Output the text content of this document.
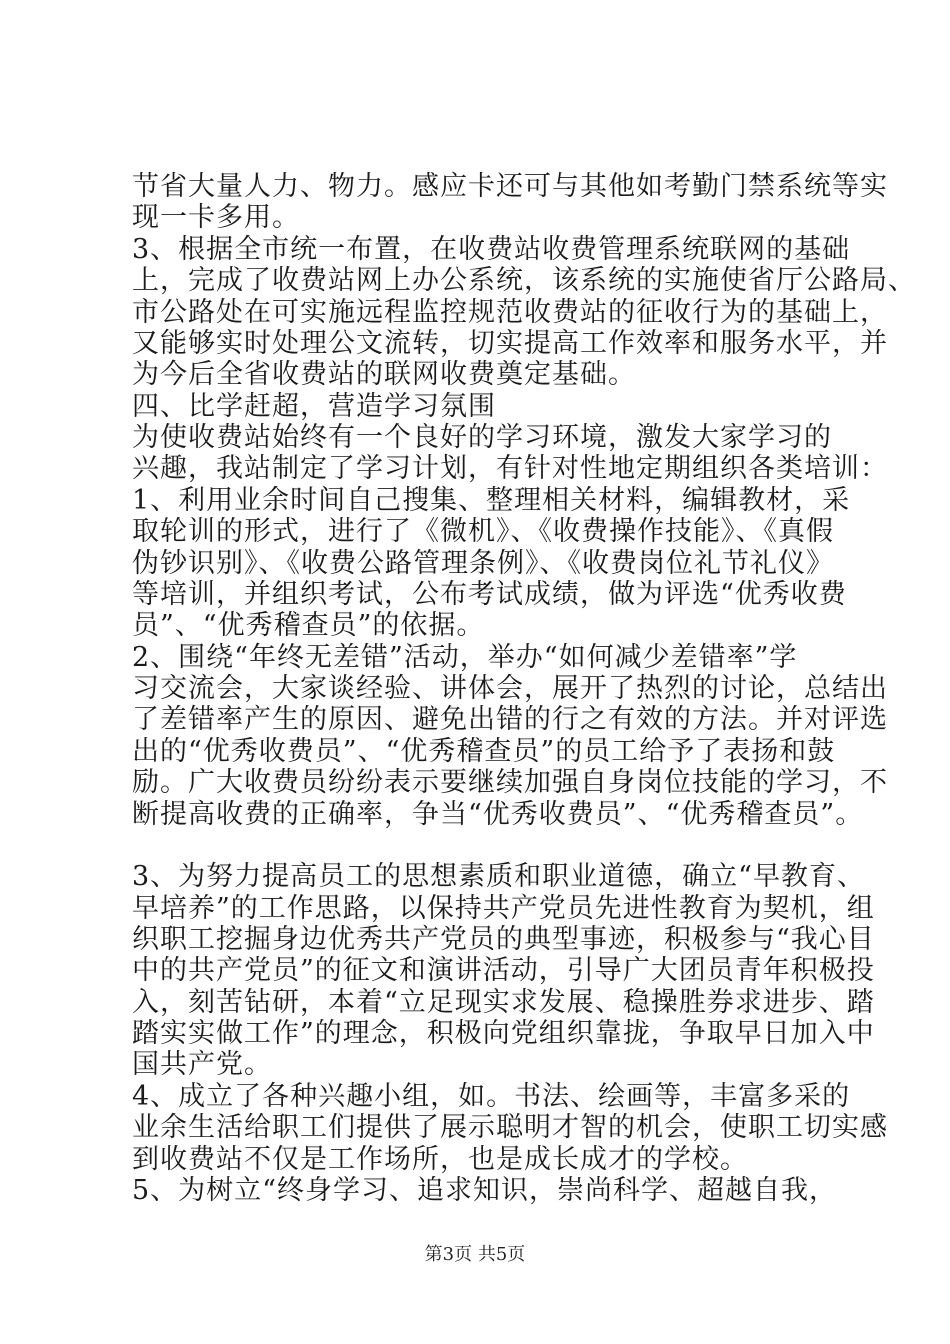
节省大量人力、物力。感应卡还可与其他如考勤门禁系统等实
现一卡多用。
3、根据全市统一布置，在收费站收费管理系统联网的基础
上，完成了收费站网上办公系统，该系统的实施使省厅公路局、
市公路处在可实施远程监控规范收费站的征收行为的基础上，
又能够实时处理公文流转，切实提高工作效率和服务水平，并
为今后全省收费站的联网收费奠定基础。
四、比学赶超，营造学习氛围
为使收费站始终有一个良好的学习环境，激发大家学习的
兴趣，我站制定了学习计划，有针对性地定期组织各类培训：
1、利用业余时间自己搜集、整理相关材料，编辑教材，采
取轮训的形式，进行了《微机》、《收费操作技能》、《真假
伪钞识别》、《收费公路管理条例》、《收费岗位礼节礼仪》
等培训，并组织考试，公布考试成绩，做为评选“优秀收费
员”、“优秀稽查员”的依据。
2、围绕“年终无差错”活动，举办“如何减少差错率”学
习交流会，大家谈经验、讲体会，展开了热烈的讨论，总结出
了差错率产生的原因、避免出错的行之有效的方法。并对评选
出的“优秀收费员”、“优秀稽查员”的员工给予了表扬和鼓
励。广大收费员纷纷表示要继续加强自身岗位技能的学习，不
断提高收费的正确率，争当“优秀收费员”、“优秀稽查员”。
3、为努力提高员工的思想素质和职业道德，确立“早教育、
早培养”的工作思路，以保持共产党员先进性教育为契机，组
织职工挖掘身边优秀共产党员的典型事迹，积极参与“我心目
中的共产党员”的征文和演讲活动，引导广大团员青年积极投
入，刻苦钻研，本着“立足现实求发展、稳操胜券求进步、踏
踏实实做工作”的理念，积极向党组织靠拢，争取早日加入中
国共产党。
4、成立了各种兴趣小组，如。书法、绘画等，丰富多采的
业余生活给职工们提供了展示聪明才智的机会，使职工切实感
到收费站不仅是工作场所，也是成长成才的学校。
5、为树立“终身学习、追求知识，崇尚科学、超越自我，
第3页 共5页
